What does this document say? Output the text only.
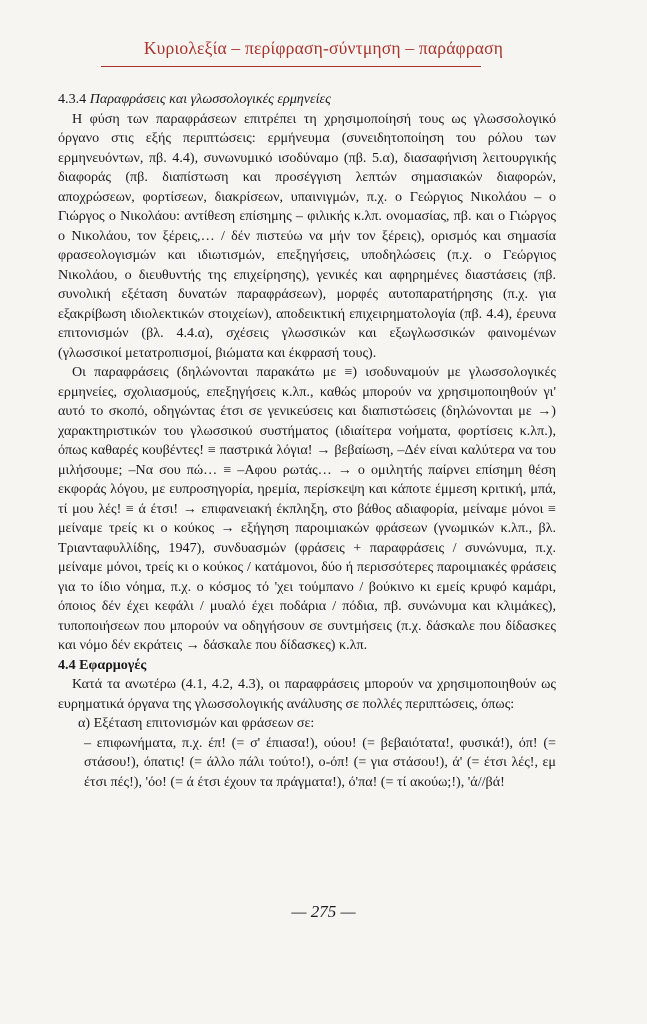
Κυριολεξία – περίφραση-σύντμηση – παράφραση

4.3.4 Παραφράσεις και γλωσσολογικές ερμηνείες

Η φύση των παραφράσεων επιτρέπει τη χρησιμοποίησή τους ως γλωσσολογικό όργανο στις εξής περιπτώσεις: ερμήνευμα (συνειδητοποίηση του ρόλου των ερμηνευόντων, πβ. 4.4), συνωνυμικό ισοδύναμο (πβ. 5.α), διασαφήνιση λειτουργικής διαφοράς (πβ. διαπίστωση και προσέγγιση λεπτών σημασιακών διαφορών, αποχρώσεων, φορτίσεων, διακρίσεων, υπαινιγμών, π.χ. ο Γεώργιος Νικολάου – ο Γιώργος ο Νικολάου: αντίθεση επίσημης – φιλικής κ.λπ. ονομασίας, πβ. και ο Γιώργος ο Νικολάου, τον ξέρεις,… / δέν πιστεύω να μήν τον ξέρεις), ορισμός και σημασία φρασεολογισμών και ιδιωτισμών, επεξηγήσεις, υποδηλώσεις (π.χ. ο Γεώργιος Νικολάου, ο διευθυντής της επιχείρησης), γενικές και αφηρημένες διαστάσεις (πβ. συνολική εξέταση δυνατών παραφράσεων), μορφές αυτοπαρατήρησης (π.χ. για εξακρίβωση ιδιολεκτικών στοιχείων), αποδεικτική επιχειρηματολογία (πβ. 4.4), έρευνα επιτονισμών (βλ. 4.4.α), σχέσεις γλωσσικών και εξωγλωσσικών φαινομένων (γλωσσικοί μετατροπισμοί, βιώματα και έκφρασή τους).

Οι παραφράσεις (δηλώνονται παρακάτω με ≡) ισοδυναμούν με γλωσσολογικές ερμηνείες, σχολιασμούς, επεξηγήσεις κ.λπ., καθώς μπορούν να χρησιμοποιηθούν γι' αυτό το σκοπό, οδηγώντας έτσι σε γενικεύσεις και διαπιστώσεις (δηλώνονται με →) χαρακτηριστικών του γλωσσικού συστήματος (ιδιαίτερα νοήματα, φορτίσεις κ.λπ.), όπως καθαρές κουβέντες! ≡ παστρικά λόγια! → βεβαίωση, –Δέν είναι καλύτερα να του μιλήσουμε; –Να σου πώ… ≡ –Αφου ρωτάς… → ο ομιλητής παίρνει επίσημη θέση εκφοράς λόγου, με ευπροσηγορία, ηρεμία, περίσκεψη και κάποτε έμμεση κριτική, μπά, τί μου λές! ≡ ά έτσι! → επιφανειακή έκπληξη, στο βάθος αδιαφορία, μείναμε μόνοι ≡ μείναμε τρείς κι ο κούκος → εξήγηση παροιμιακών φράσεων (γνωμικών κ.λπ., βλ. Τριανταφυλλίδης, 1947), συνδυασμών (φράσεις + παραφράσεις / συνώνυμα, π.χ. μείναμε μόνοι, τρείς κι ο κούκος / κατάμονοι, δύο ή περισσότερες παροιμιακές φράσεις για το ίδιο νόημα, π.χ. ο κόσμος τό 'χει τούμπανο / βούκινο κι εμείς κρυφό καμάρι, όποιος δέν έχει κεφάλι / μυαλό έχει ποδάρια / πόδια, πβ. συνώνυμα και κλιμάκες), τυποποιήσεων που μπορούν να οδηγήσουν σε συντμήσεις (π.χ. δάσκαλε που δίδασκες και νόμο δέν εκράτεις → δάσκαλε που δίδασκες) κ.λπ.

4.4 Εφαρμογές

Κατά τα ανωτέρω (4.1, 4.2, 4.3), οι παραφράσεις μπορούν να χρησιμοποιηθούν ως ευρηματικά όργανα της γλωσσολογικής ανάλυσης σε πολλές περιπτώσεις, όπως:

α) Εξέταση επιτονισμών και φράσεων σε:

– επιφωνήματα, π.χ. έπ! (= σ' έπιασα!), ούου! (= βεβαιότατα!, φυσικά!), όπ! (= στάσου!), όπατις! (= άλλο πάλι τούτο!), ο-όπ! (= για στάσου!), ά' (= έτσι λές!, εμ έτσι πές!), 'όο! (= ά έτσι έχουν τα πράγματα!), ό'πα! (= τί ακούω;!), 'ά//βά!

— 275 —
